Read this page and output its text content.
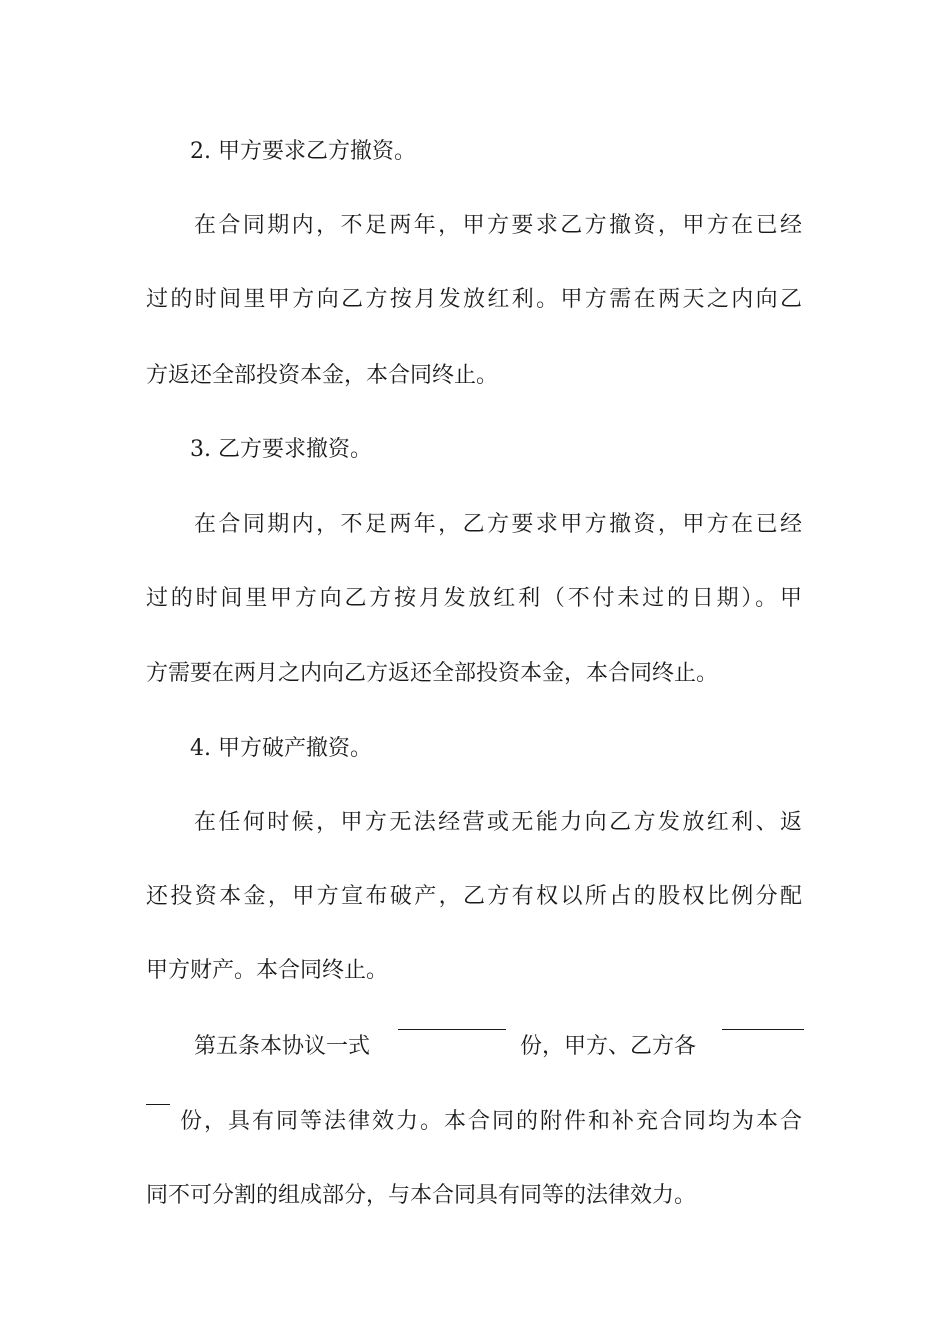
2. 甲方要求乙方撤资。
在合同期内，不足两年，甲方要求乙方撤资，甲方在已经
过的时间里甲方向乙方按月发放红利。甲方需在两天之内向乙
方返还全部投资本金，本合同终止。
3. 乙方要求撤资。
在合同期内，不足两年，乙方要求甲方撤资，甲方在已经
过的时间里甲方向乙方按月发放红利（不付未过的日期）。甲
方需要在两月之内向乙方返还全部投资本金，本合同终止。
4. 甲方破产撤资。
在任何时候，甲方无法经营或无能力向乙方发放红利、返
还投资本金，甲方宣布破产，乙方有权以所占的股权比例分配
甲方财产。本合同终止。
第五条本协议一式	份，甲方、乙方各
份，具有同等法律效力。本合同的附件和补充合同均为本合
同不可分割的组成部分，与本合同具有同等的法律效力。
